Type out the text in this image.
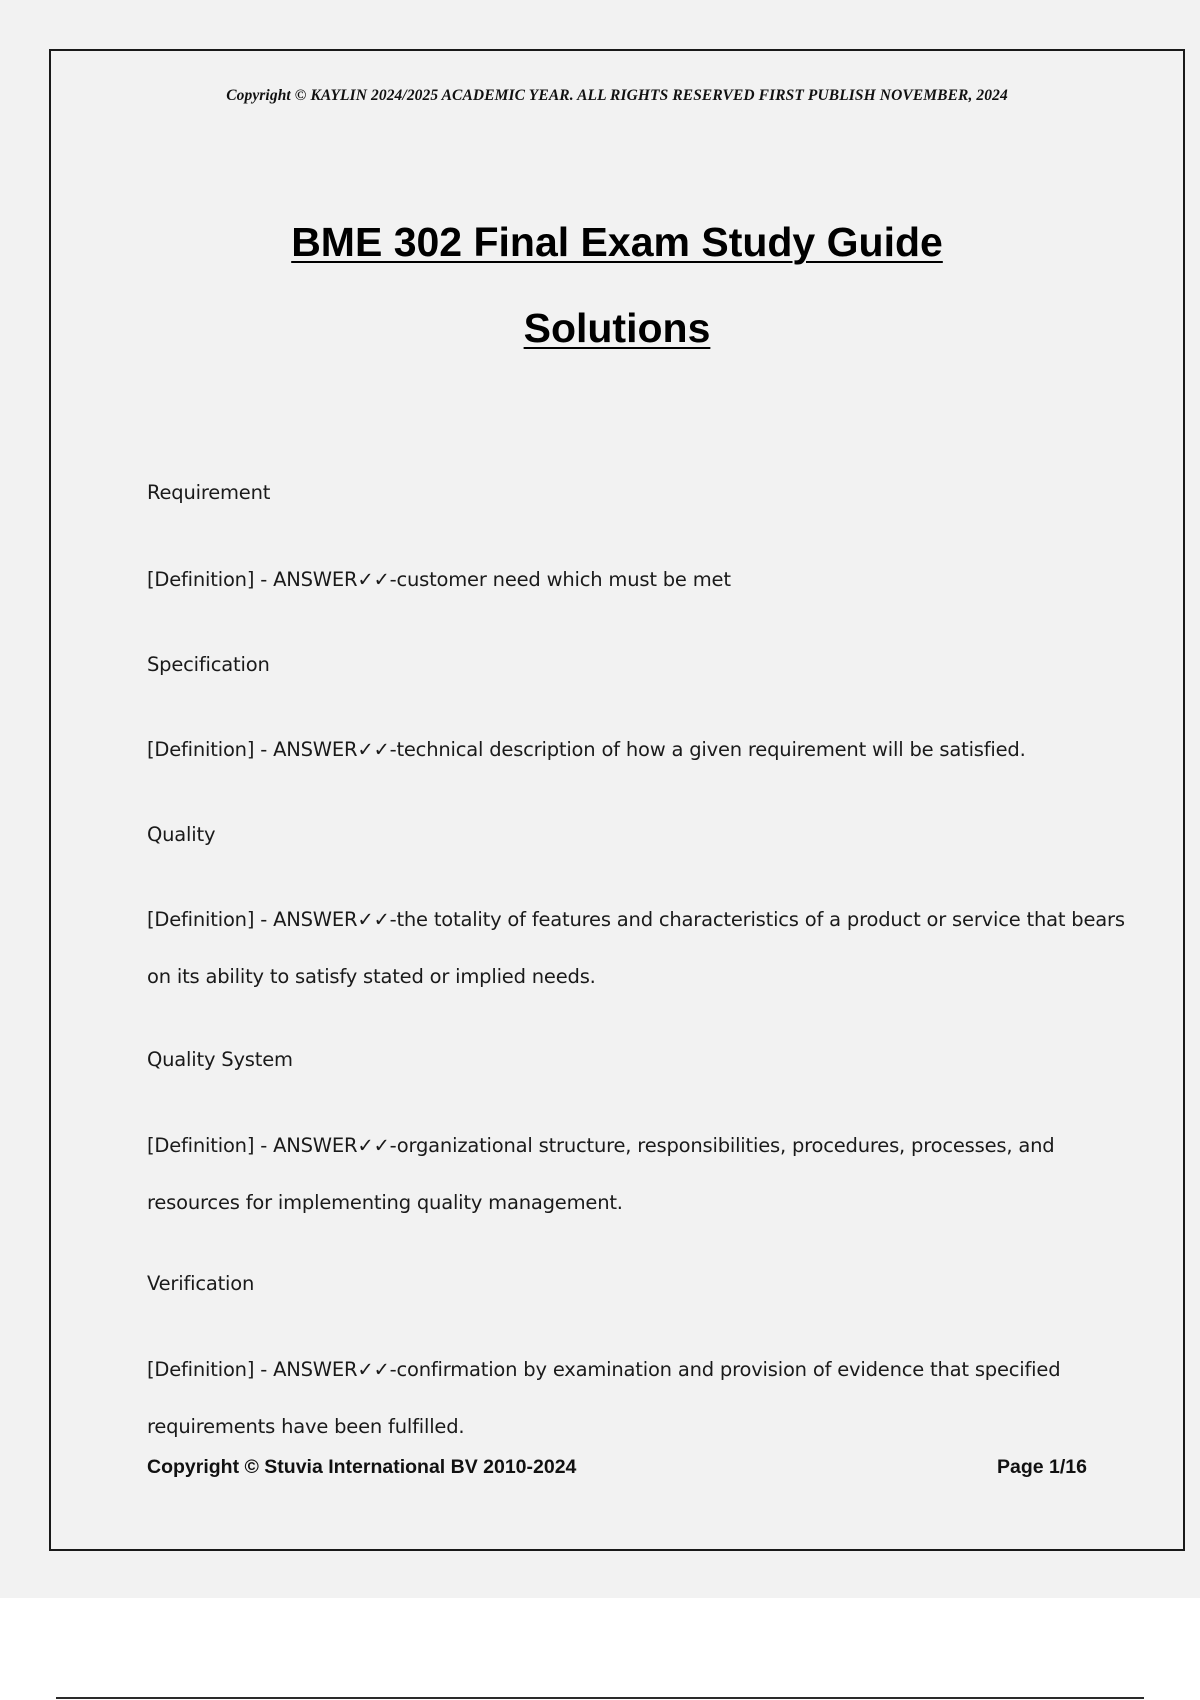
Copyright © KAYLIN 2024/2025 ACADEMIC YEAR. ALL RIGHTS RESERVED FIRST PUBLISH NOVEMBER, 2024
BME 302 Final Exam Study Guide
Solutions
Requirement
[Definition] - ANSWER✓✓-customer need which must be met
Specification
[Definition] - ANSWER✓✓-technical description of how a given requirement will be satisfied.
Quality
[Definition] - ANSWER✓✓-the totality of features and characteristics of a product or service that bears
on its ability to satisfy stated or implied needs.
Quality System
[Definition] - ANSWER✓✓-organizational structure, responsibilities, procedures, processes, and
resources for implementing quality management.
Verification
[Definition] - ANSWER✓✓-confirmation by examination and provision of evidence that specified
requirements have been fulfilled.
Copyright © Stuvia International BV 2010-2024	Page 1/16
